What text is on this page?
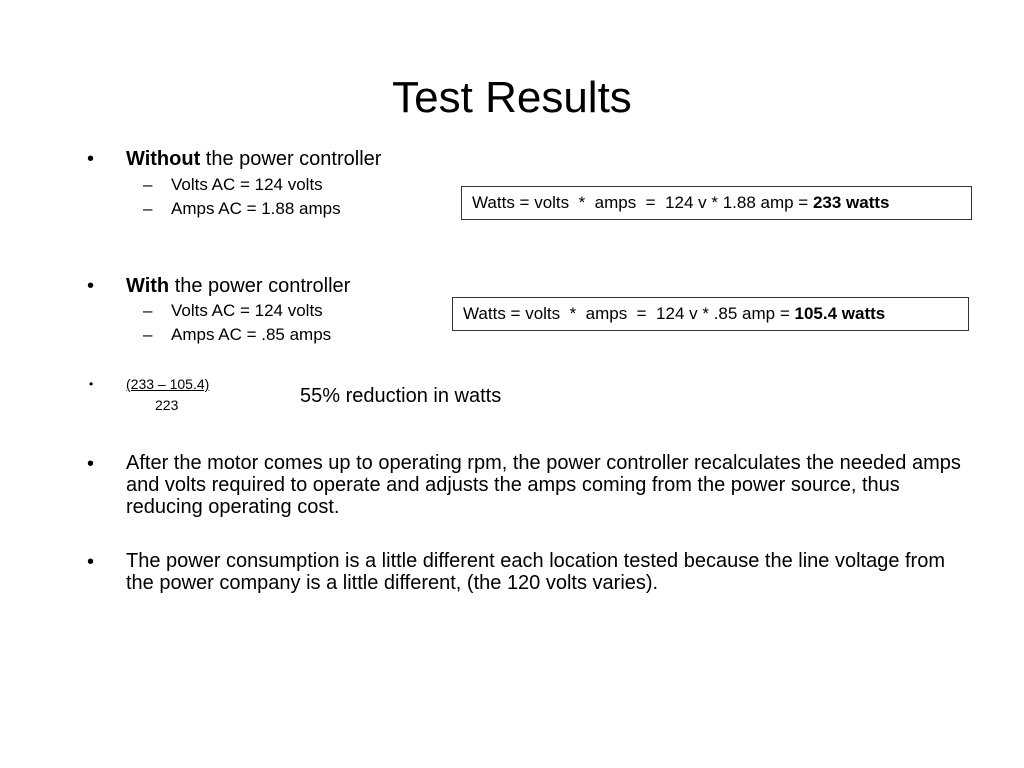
Test Results
• Without the power controller
– Volts AC = 124 volts
– Amps AC = 1.88 amps	Watts = volts  *  amps  =  124 v * 1.88 amp = 233 watts
• With the power controller
– Volts AC = 124 volts
– Amps AC = .85 amps
Watts = volts  *  amps  =  124 v * .85 amp = 105.4 watts
• (233 – 105.4)
223	55% reduction in watts
• After the motor comes up to operating rpm, the power controller recalculates the needed amps and volts required to operate and adjusts the amps coming from the power source, thus reducing operating cost.
• The power consumption is a little different each location tested because the line voltage from the power company is a little different, (the 120 volts varies).
